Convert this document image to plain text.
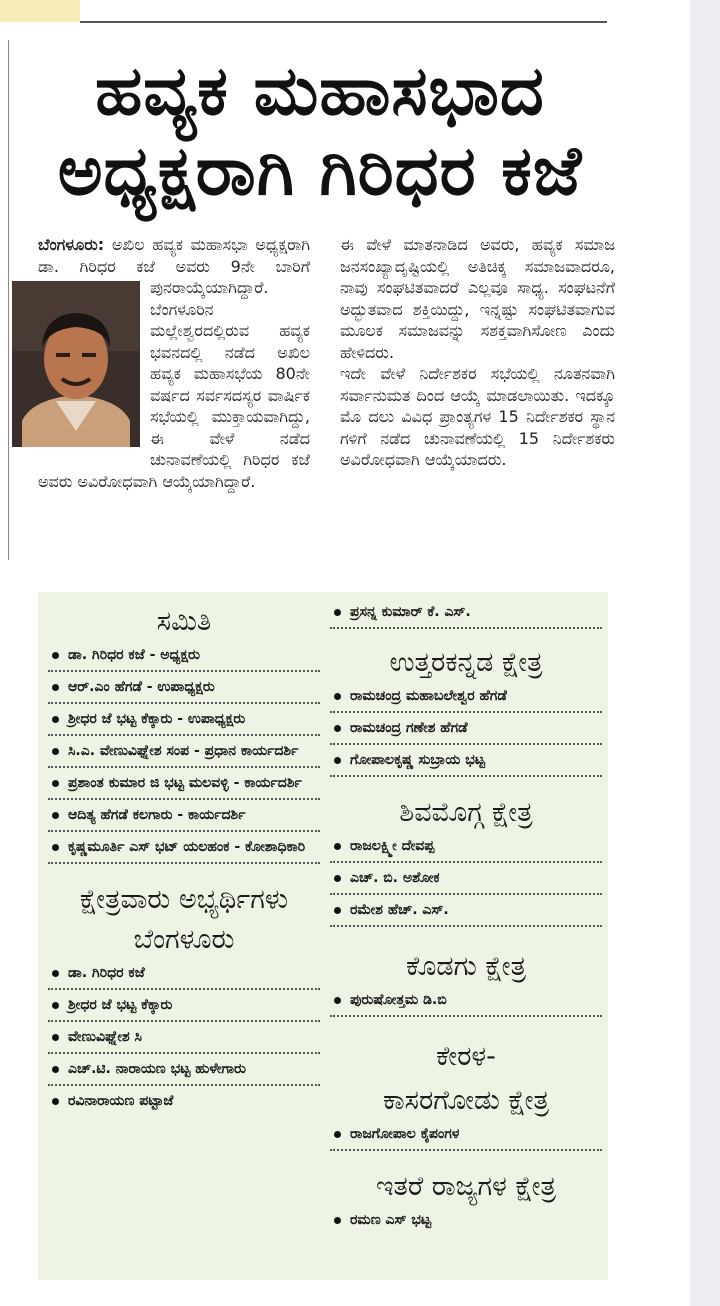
ಹವ್ಯಕ ಮಹಾಸಭಾದ
ಅಧ್ಯಕ್ಷರಾಗಿ ಗಿರಿಧರ ಕಜೆ
ಬೆಂಗಳೂರು: ಅಖಿಲ ಹವ್ಯಕ ಮಹಾಸಭಾ ಅಧ್ಯಕ್ಷರಾಗಿ ಡಾ. ಗಿರಿಧರ ಕಜೆ ಅವರು 9ನೇ ಬಾರಿಗೆ ಪುನರಾಯ್ಕೆಯಾಗಿದ್ದಾರೆ.
ಬೆಂಗಳೂರಿನ ಮಲ್ಲೇಶ್ವರದಲ್ಲಿರುವ ಹವ್ಯಕ ಭವನದಲ್ಲಿ ನಡೆದ ಅಖಿಲ ಹವ್ಯಕ ಮಹಾಸಭೆಯ 80ನೇ ವರ್ಷದ ಸರ್ವಸದಸ್ಯರ ವಾರ್ಷಿಕ ಸಭೆಯಲ್ಲಿ ಮುಕ್ತಾಯವಾಗಿದ್ದು, ಈ ವೇಳೆ ನಡೆದ ಚುನಾವಣೆಯಲ್ಲಿ ಗಿರಿಧರ ಕಜೆ ಅವರು ಅವಿರೋಧವಾಗಿ ಆಯ್ಕೆಯಾಗಿದ್ದಾರೆ.

ಈ ವೇಳೆ ಮಾತನಾಡಿದ ಅವರು, ಹವ್ಯಕ ಸಮಾಜ ಜನಸಂಖ್ಯಾದೃಷ್ಟಿಯಲ್ಲಿ ಅತಿಚಿಕ್ಕ ಸಮಾಜವಾದರೂ, ನಾವು ಸಂಘಟಿತವಾದರೆ ಎಲ್ಲವೂ ಸಾಧ್ಯ. ಸಂಘಟನೆಗೆ ಅದ್ಭುತವಾದ ಶಕ್ತಿಯಿದ್ದು, ಇನ್ನಷ್ಟು ಸಂಘಟಿತವಾಗುವ ಮೂಲಕ ಸಮಾಜವನ್ನು ಸಶಕ್ತವಾಗಿಸೋಣ ಎಂದು ಹೇಳಿದರು.

ಇದೇ ವೇಳೆ ನಿರ್ದೇಶಕರ ಸಭೆಯಲ್ಲಿ ನೂತನವಾಗಿ ಸರ್ವಾನುಮತ ದಿಂದ ಆಯ್ಕೆ ಮಾಡಲಾಯಿತು. ಇದಕ್ಕೂ ಮೊ ದಲು ವಿವಿಧ ಪ್ರಾಂತ್ಯಗಳ 15 ನಿರ್ದೇಶಕರ ಸ್ಥಾನ ಗಳಿಗೆ ನಡೆದ ಚುನಾವಣೆಯಲ್ಲಿ 15 ನಿರ್ದೇಶಕರು ಅವಿರೋಧವಾಗಿ ಆಯ್ಕೆಯಾದರು.

ಸಮಿತಿ
ಡಾ. ಗಿರಿಧರ ಕಜೆ - ಅಧ್ಯಕ್ಷರು
ಆರ್.ಎಂ ಹೆಗಡೆ - ಉಪಾಧ್ಯಕ್ಷರು
ಶ್ರೀಧರ ಜೆ ಭಟ್ಟ ಕೆಕ್ಕಾರು - ಉಪಾಧ್ಯಕ್ಷರು
ಸಿ.ಎ. ವೇಣುವಿಘ್ನೇಶ ಸಂಪ - ಪ್ರಧಾನ ಕಾರ್ಯದರ್ಶಿ
ಪ್ರಶಾಂತ ಕುಮಾರ ಜಿ ಭಟ್ಟ ಮಲವಳ್ಳಿ - ಕಾರ್ಯದರ್ಶಿ
ಆದಿತ್ಯ ಹೆಗಡೆ ಕಲಗಾರು - ಕಾರ್ಯದರ್ಶಿ
ಕೃಷ್ಣಮೂರ್ತಿ ಎಸ್ ಭಟ್ ಯಲಹಂಕ - ಕೋಶಾಧಿಕಾರಿ
ಕ್ಷೇತ್ರವಾರು ಅಭ್ಯರ್ಥಿಗಳು
ಬೆಂಗಳೂರು
ಡಾ. ಗಿರಿಧರ ಕಜೆ
ಶ್ರೀಧರ ಜೆ ಭಟ್ಟ ಕೆಕ್ಕಾರು
ವೇಣುವಿಘ್ನೇಶ ಸಿ
ಎಚ್.ಟಿ. ನಾರಾಯಣ ಭಟ್ಟ ಹುಳೇಗಾರು
ರವಿನಾರಾಯಣ ಪಟ್ಟಾಜೆ
ಪ್ರಸನ್ನ ಕುಮಾರ್ ಕೆ. ಎಸ್.
ಉತ್ತರಕನ್ನಡ ಕ್ಷೇತ್ರ
ರಾಮಚಂದ್ರ ಮಹಾಬಲೇಶ್ವರ ಹೆಗಡೆ
ರಾಮಚಂದ್ರ ಗಣೇಶ ಹೆಗಡೆ
ಗೋಪಾಲಕೃಷ್ಣ ಸುಬ್ರಾಯ ಭಟ್ಟ
ಶಿವಮೊಗ್ಗ ಕ್ಷೇತ್ರ
ರಾಜಲಕ್ಷ್ಮೀ ದೇವಪ್ಪ
ಎಚ್. ಬಿ. ಅಶೋಕ
ರಮೇಶ ಹೆಚ್. ಎಸ್.
ಕೊಡಗು ಕ್ಷೇತ್ರ
ಪುರುಷೋತ್ತಮ ಡಿ.ಬಿ
ಕೇರಳ-
ಕಾಸರಗೋಡು ಕ್ಷೇತ್ರ
ರಾಜಗೋಪಾಲ ಕೈಪಂಗಳ
ಇತರೆ ರಾಜ್ಯಗಳ ಕ್ಷೇತ್ರ
ರಮಣ ಎಸ್ ಭಟ್ಟ
